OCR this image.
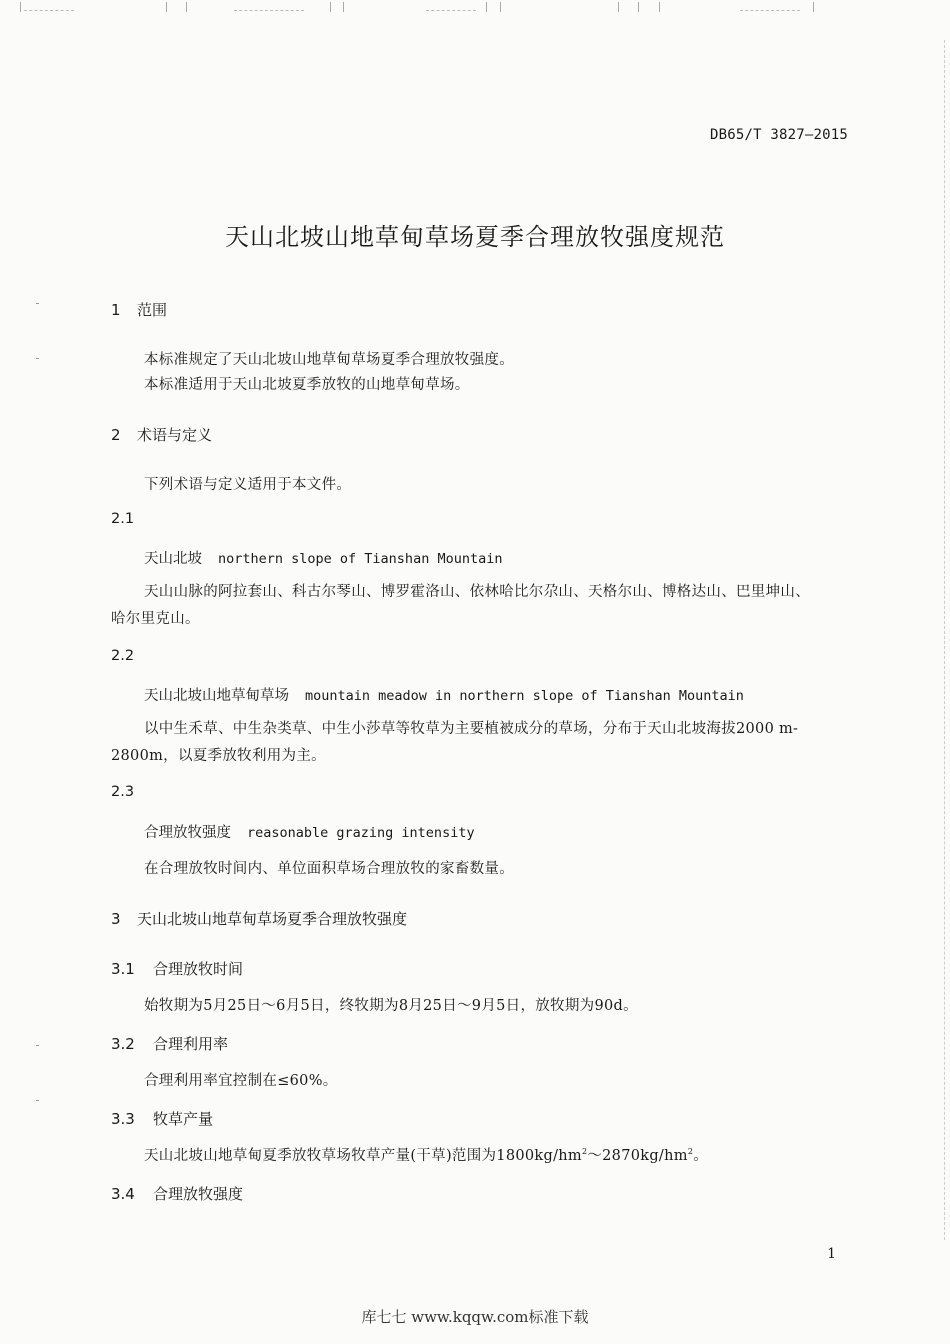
DB65/T 3827—2015
天山北坡山地草甸草场夏季合理放牧强度规范
1 范围
本标准规定了天山北坡山地草甸草场夏季合理放牧强度。
本标准适用于天山北坡夏季放牧的山地草甸草场。
2 术语与定义
下列术语与定义适用于本文件。
2.1
天山北坡 northern slope of Tianshan Mountain
天山山脉的阿拉套山、科古尔琴山、博罗霍洛山、依林哈比尔尕山、天格尔山、博格达山、巴里坤山、哈尔里克山。
2.2
天山北坡山地草甸草场 mountain meadow in northern slope of Tianshan Mountain
以中生禾草、中生杂类草、中生小莎草等牧草为主要植被成分的草场，分布于天山北坡海拔2000 m-2800m，以夏季放牧利用为主。
2.3
合理放牧强度 reasonable grazing intensity
在合理放牧时间内、单位面积草场合理放牧的家畜数量。
3 天山北坡山地草甸草场夏季合理放牧强度
3.1 合理放牧时间
始牧期为5月25日～6月5日，终牧期为8月25日～9月5日，放牧期为90d。
3.2 合理利用率
合理利用率宜控制在≤60%。
3.3 牧草产量
天山北坡山地草甸夏季放牧草场牧草产量(干草)范围为$1800kg/hm^2\sim 2870kg/hm^2$。
3.4 合理放牧强度
1
库七七 www.kqqw.com标准下载
